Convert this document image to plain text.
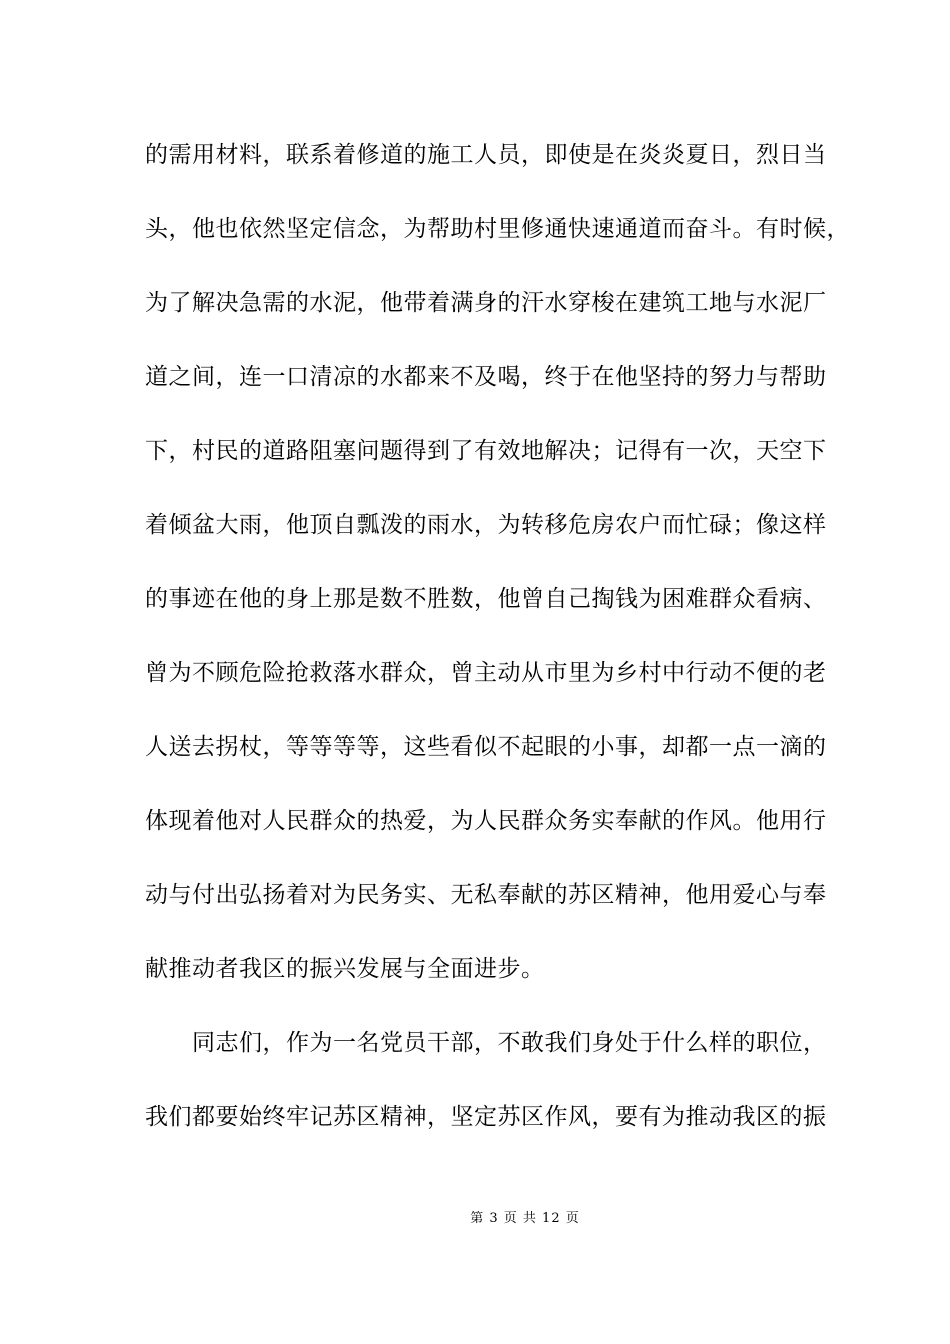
的需用材料，联系着修道的施工人员，即使是在炎炎夏日，烈日当
头，他也依然坚定信念，为帮助村里修通快速通道而奋斗。有时候，
为了解决急需的水泥，他带着满身的汗水穿梭在建筑工地与水泥厂
道之间，连一口清凉的水都来不及喝，终于在他坚持的努力与帮助
下，村民的道路阻塞问题得到了有效地解决；记得有一次，天空下
着倾盆大雨，他顶自瓢泼的雨水，为转移危房农户而忙碌；像这样
的事迹在他的身上那是数不胜数，他曾自己掏钱为困难群众看病、
曾为不顾危险抢救落水群众，曾主动从市里为乡村中行动不便的老
人送去拐杖，等等等等，这些看似不起眼的小事，却都一点一滴的
体现着他对人民群众的热爱，为人民群众务实奉献的作风。他用行
动与付出弘扬着对为民务实、无私奉献的苏区精神，他用爱心与奉
献推动者我区的振兴发展与全面进步。
　　同志们，作为一名党员干部，不敢我们身处于什么样的职位，
我们都要始终牢记苏区精神，坚定苏区作风，要有为推动我区的振
第 3 页 共 12 页
